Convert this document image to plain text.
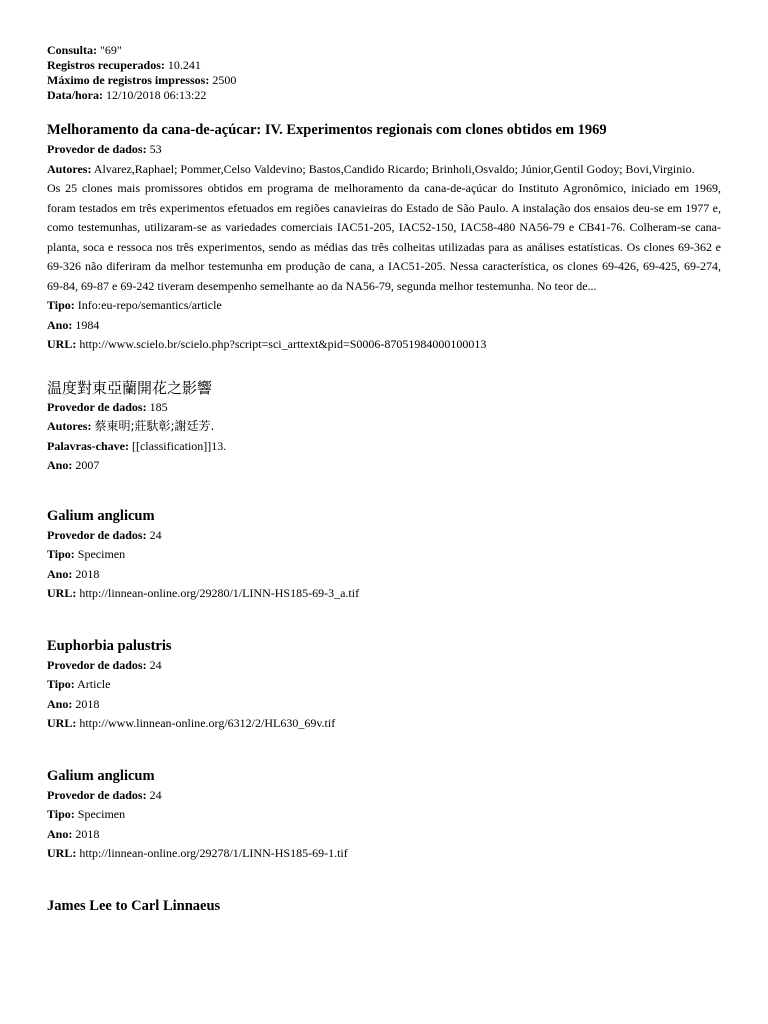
Consulta: "69"
Registros recuperados: 10.241
Máximo de registros impressos: 2500
Data/hora: 12/10/2018 06:13:22
Melhoramento da cana-de-açúcar: IV. Experimentos regionais com clones obtidos em 1969
Provedor de dados: 53
Autores: Alvarez,Raphael; Pommer,Celso Valdevino; Bastos,Candido Ricardo; Brinholi,Osvaldo; Júnior,Gentil Godoy; Bovi,Virginio.

Os 25 clones mais promissores obtidos em programa de melhoramento da cana-de-açúcar do Instituto Agronômico, iniciado em 1969, foram testados em três experimentos efetuados em regiões canavieiras do Estado de São Paulo. A instalação dos ensaios deu-se em 1977 e, como testemunhas, utilizaram-se as variedades comerciais IAC51-205, IAC52-150, IAC58-480 NA56-79 e CB41-76. Colheram-se cana-planta, soca e ressoca nos três experimentos, sendo as médias das três colheitas utilizadas para as análises estatísticas. Os clones 69-362 e 69-326 não diferiram da melhor testemunha em produção de cana, a IAC51-205. Nessa característica, os clones 69-426, 69-425, 69-274, 69-84, 69-87 e 69-242 tiveram desempenho semelhante ao da NA56-79, segunda melhor testemunha. No teor de...

Tipo: Info:eu-repo/semantics/article
Ano: 1984
URL: http://www.scielo.br/scielo.php?script=sci_arttext&pid=S0006-87051984000100013
温度對東亞蘭開花之影響
Provedor de dados: 185
Autores: 蔡東明;莊馱彰;謝廷芳.
Palavras-chave: [[classification]]13.
Ano: 2007
Galium anglicum
Provedor de dados: 24
Tipo: Specimen
Ano: 2018
URL: http://linnean-online.org/29280/1/LINN-HS185-69-3_a.tif
Euphorbia palustris
Provedor de dados: 24
Tipo: Article
Ano: 2018
URL: http://www.linnean-online.org/6312/2/HL630_69v.tif
Galium anglicum
Provedor de dados: 24
Tipo: Specimen
Ano: 2018
URL: http://linnean-online.org/29278/1/LINN-HS185-69-1.tif
James Lee to Carl Linnaeus
